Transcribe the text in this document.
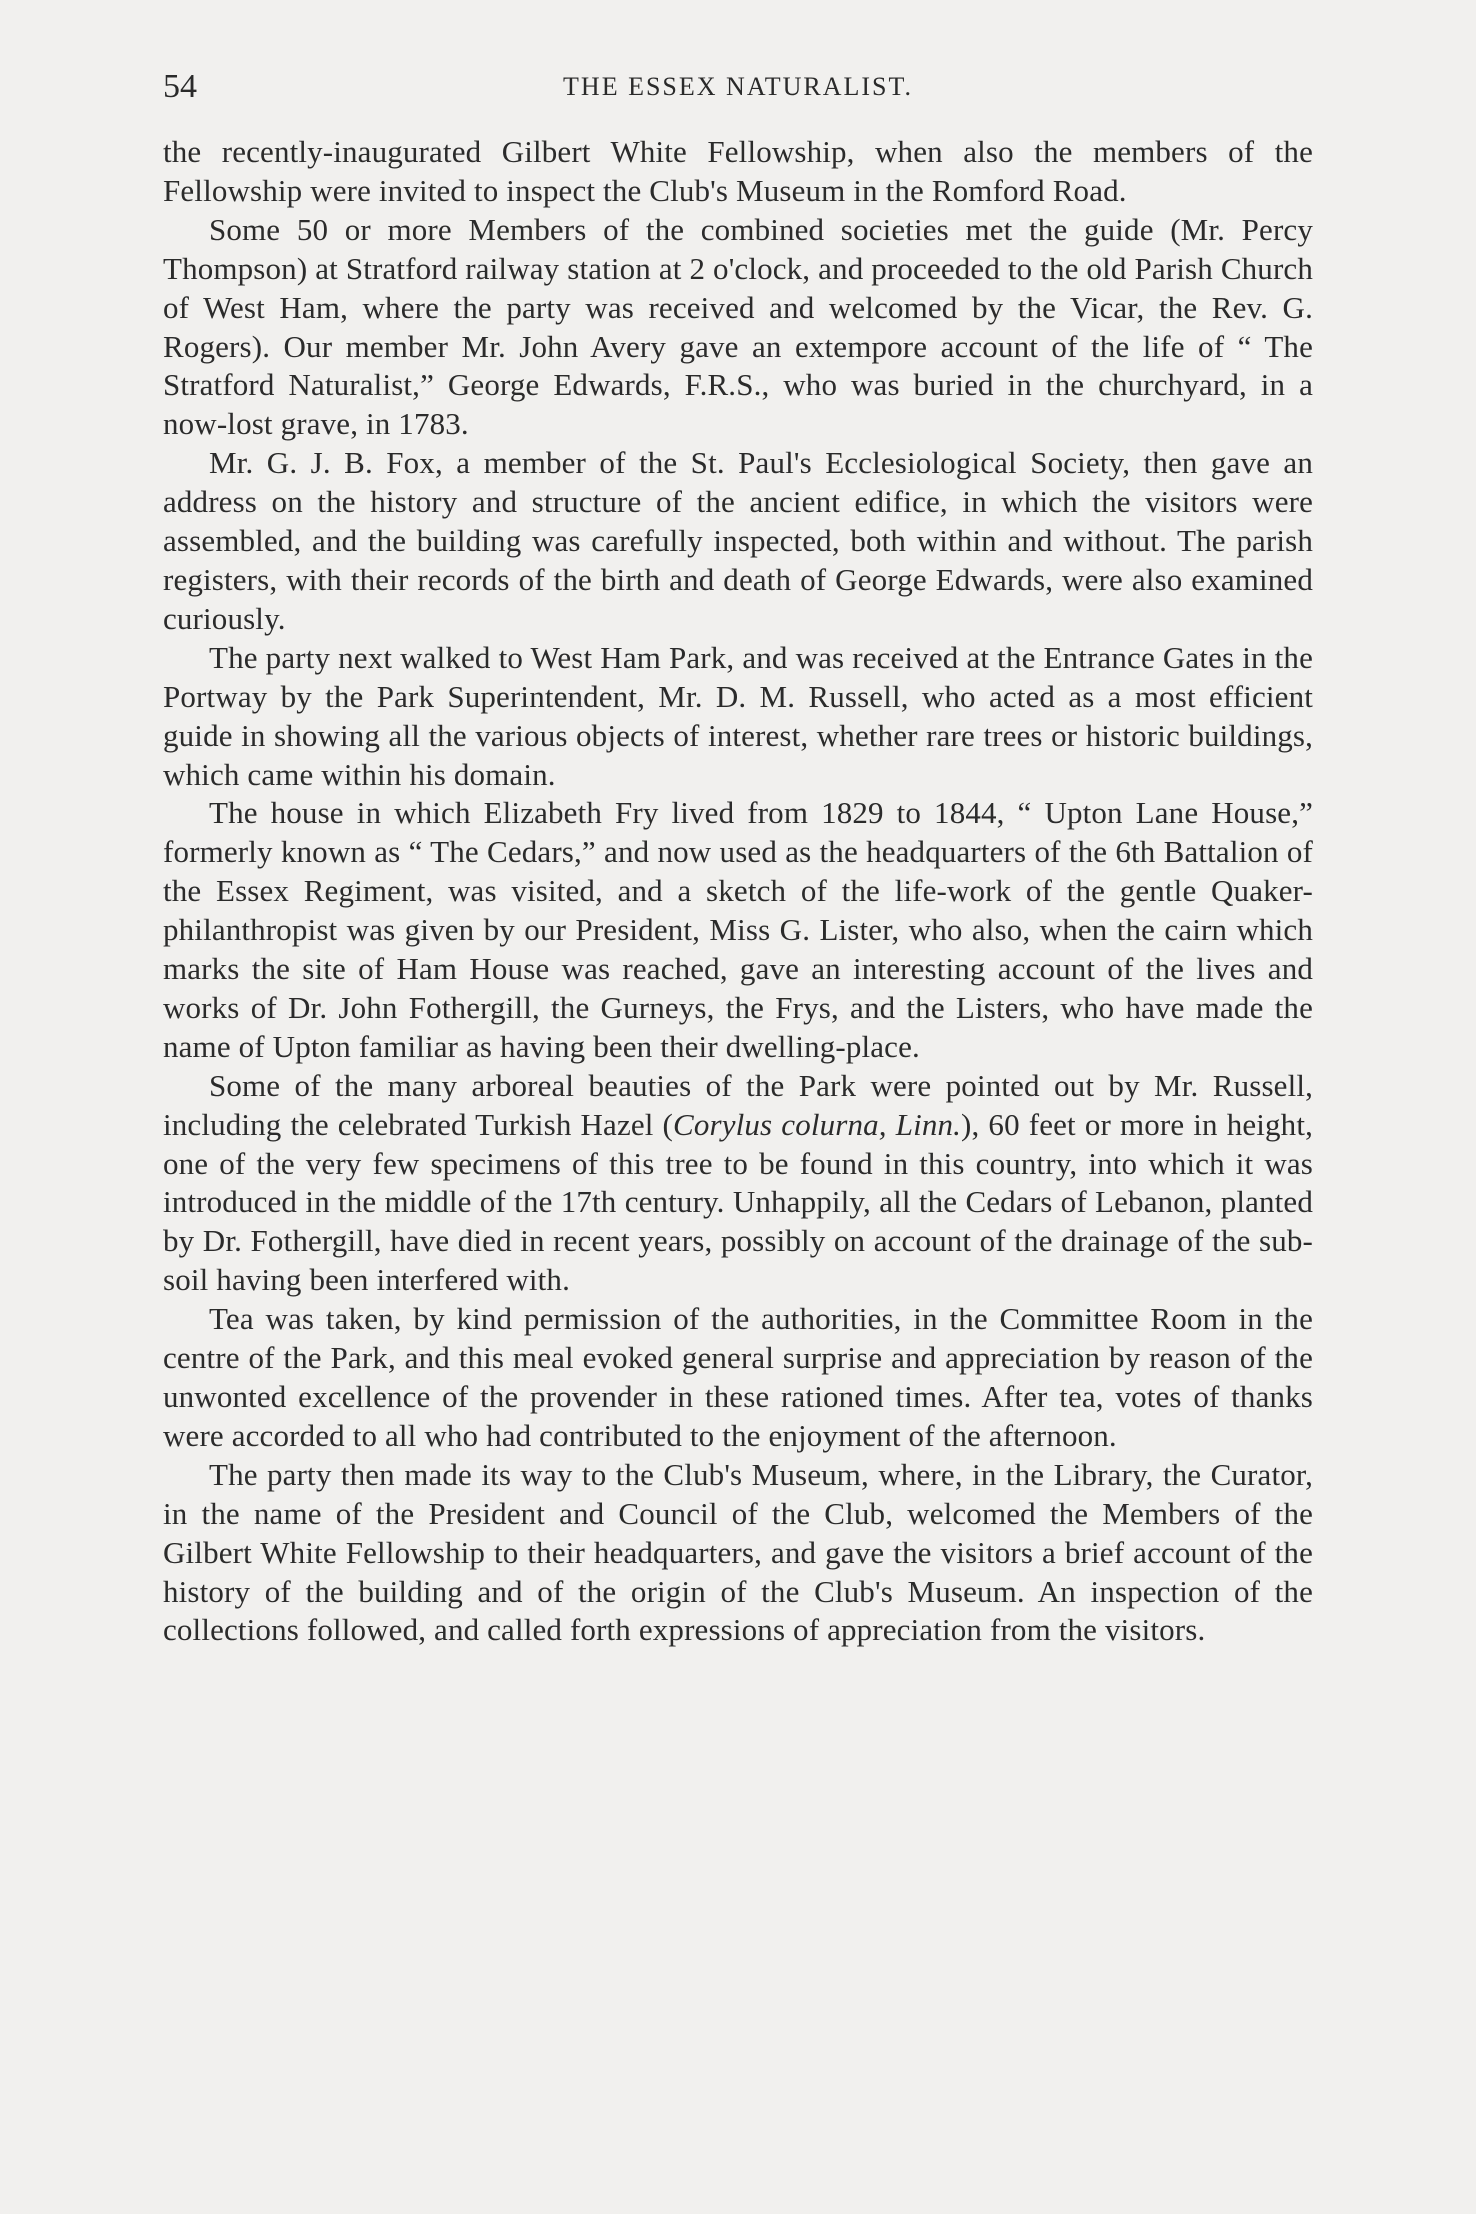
54	THE ESSEX NATURALIST.

the recently-inaugurated Gilbert White Fellowship, when also the members of the Fellowship were invited to inspect the Club's Museum in the Romford Road.

Some 50 or more Members of the combined societies met the guide (Mr. Percy Thompson) at Stratford railway station at 2 o'clock, and proceeded to the old Parish Church of West Ham, where the party was received and welcomed by the Vicar, the Rev. G. Rogers). Our member Mr. John Avery gave an extempore account of the life of “ The Stratford Naturalist,” George Edwards, F.R.S., who was buried in the churchyard, in a now-lost grave, in 1783.

Mr. G. J. B. Fox, a member of the St. Paul's Ecclesiological Society, then gave an address on the history and structure of the ancient edifice, in which the visitors were assembled, and the building was carefully inspected, both within and without. The parish registers, with their records of the birth and death of George Edwards, were also examined curiously.

The party next walked to West Ham Park, and was received at the Entrance Gates in the Portway by the Park Superintendent, Mr. D. M. Russell, who acted as a most efficient guide in showing all the various objects of interest, whether rare trees or historic buildings, which came within his domain.

The house in which Elizabeth Fry lived from 1829 to 1844, “ Upton Lane House,” formerly known as “ The Cedars,” and now used as the headquarters of the 6th Battalion of the Essex Regiment, was visited, and a sketch of the life-work of the gentle Quaker-philanthropist was given by our President, Miss G. Lister, who also, when the cairn which marks the site of Ham House was reached, gave an interesting account of the lives and works of Dr. John Fothergill, the Gurneys, the Frys, and the Listers, who have made the name of Upton familiar as having been their dwelling-place.

Some of the many arboreal beauties of the Park were pointed out by Mr. Russell, including the celebrated Turkish Hazel (Corylus colurna, Linn.), 60 feet or more in height, one of the very few specimens of this tree to be found in this country, into which it was introduced in the middle of the 17th century. Unhappily, all the Cedars of Lebanon, planted by Dr. Fothergill, have died in recent years, possibly on account of the drainage of the sub-soil having been interfered with.

Tea was taken, by kind permission of the authorities, in the Committee Room in the centre of the Park, and this meal evoked general surprise and appreciation by reason of the unwonted excellence of the provender in these rationed times. After tea, votes of thanks were accorded to all who had contributed to the enjoyment of the afternoon.

The party then made its way to the Club's Museum, where, in the Library, the Curator, in the name of the President and Council of the Club, welcomed the Members of the Gilbert White Fellowship to their headquarters, and gave the visitors a brief account of the history of the building and of the origin of the Club's Museum. An inspection of the collections followed, and called forth expressions of appreciation from the visitors.
